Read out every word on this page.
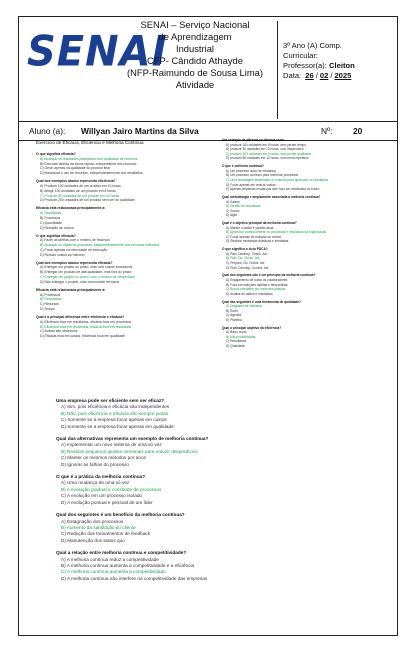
SENAI
SENAI – Serviço Nacional
de Aprendizagem
Industrial
CFP- Cândido Athayde
(NFP-Raimundo de Sousa Lima)
Atividade
3º Ano (A) Comp.
Curricular:
Professor(a): Cleiton
Data: 26 / 02 / 2025
Aluno (a): Willyan Jairo Martins da Silva	Nº: 20
Exercício de Eficácia, Eficiência e Melhoria Contínua
O que significa eficácia?
A) Alcançar os resultados planejados com qualidade de recursos
B) Executar tarefas da forma rápida, independente dos recursos
C) Gerar apenas na qualidade do produto final
D) Maximizar o uso de recursos, independentemente dos resultados
Qual dos exemplos abaixo representa eficiência?
A) Produzir 100 unidades de um produto em 10 horas
B) Atingir 100 unidades de um produto em 8 horas
C) Produzir 50 unidades de um produto em 10 horas
D) Produzir 200 unidades de um produto sem ver de qualidade
Eficácia está relacionada principalmente a:
A) Resultados
B) Processos
C) Quantidade
D) Redução de custos
O que significa eficácia?
A) Fazer as tarefas com o mínimo de recursos
B) Alcançar os objetivos propostos, independentemente dos recursos utilizados
C) Focar apenas na velocidade de execução
D) Reduzir custos ao máximo
Qual dos exemplos abaixo representa eficácia?
A) Entregar um projeto no prazo, mas com custos excessivos
B) Entregar um produto de alta qualidade, mas fora do prazo
C) Entregar um projeto no prazo, com o mínimo de desperdício
D) Não entregar o projeto, mas economizar recursos
Eficácia está relacionada principalmente a:
A) Processos
B) Resultados
C) Recursos
D) Tempo
Qual é a principal diferença entre eficiência e eficácia?
A) Eficiência foca em resultados, eficácia foca em processos
B) Eficiência foca em processos, eficácia foca em resultados
C) Ambas são sinônimos
D) Eficácia foca em custos, eficiência foca em qualidade
Um exemplo de eficácia na eficácia seria:
A) produzir 100 unidades em 8 horas, sem perder tempo
B) produzir 50 unidades em 10 horas, com desperdício
C) produzir 200 unidades em 8 horas, sem perder qualidade
D) produzir 80 unidades em 12 horas, com erros repetidos
O que é melhoria contínua?
A) Um processo único de mudança
B) Um processo contínuo para melhorar processos
C) Uma abordagem sistemática e contínua para aprimorar os resultados
D) Focar apenas em reduzir custos
E) Apenas pequenas mudanças sem foco em resultados no futuro
Qual metodologia é amplamente associada à melhoria contínua?
A) Kaizen
B) Gestão de resultados
C) Scrum
D) Agile
Qual é o objetivo principal da melhoria contínua?
A) Manter o status e padrão atual
B) Aprimorar continuamente os processos e resultados da organização
C) Focar apenas na redução de custos
D) Realizar mudanças drásticas e imediatas
O que significa o ciclo PDCA?
A) Plan, Develop, Check, Act
B) Plan, Do, Check, Act
C) Prepare, Do, Check, Act
D) Plan, Develop, Control, Act
Qual dos seguintes não é um princípio da melhoria contínua?
A) Engajamento de todos os colaboradores
B) Foco em soluções rápidas e temporárias
C) Busca constante por melhores práticas
D) Análise de dados e resultados
Qual das seguintes é uma ferramenta de qualidade?
A) Diagrama de Ishikawa
B) Excel
C) Agenda
D) Planilha
Qual o principal objetivo da eficiência?
A) Baixo custo
B) Alta produtividade
C) Resultados
D) Qualidade
Uma empresa pode ser eficiente sem ser eficaz?
A) Sim, pois eficiência e eficácia são independentes
B) Não, pois eficiência e eficácia são sempre juntas
C) Somente se a empresa focar apenas em custos
D) Somente se a empresa focar apenas em qualidade
Qual das alternativas representa um exemplo de melhoria contínua?
A) Implementar um novo sistema de uma só vez
B) Realizar pequenos ajustes semanais para reduzir desperdícios
C) Manter os mesmos métodos por anos
D) Ignorar as falhas do processo
O que é a prática da melhoria contínua?
A) Uma mudança de uma só vez
B) A evolução gradual e constante de processos
C) A evolução em um processo isolado
D) A evolução pontual e pessoal de um líder
Qual dos seguintes é um benefício da melhoria contínua?
A) Estagnação dos processos
B) Aumento da satisfação do cliente
C) Redução dos treinamentos de feedback
D) Manutenção dos status quo
Qual a relação entre melhoria contínua e competitividade?
A) A melhoria contínua reduz a competitividade
B) A melhoria contínua aumenta a competitividade e a eficiência
C) A melhoria contínua aumenta a competitividade
D) A melhoria contínua não interfere na competitividade das empresas
